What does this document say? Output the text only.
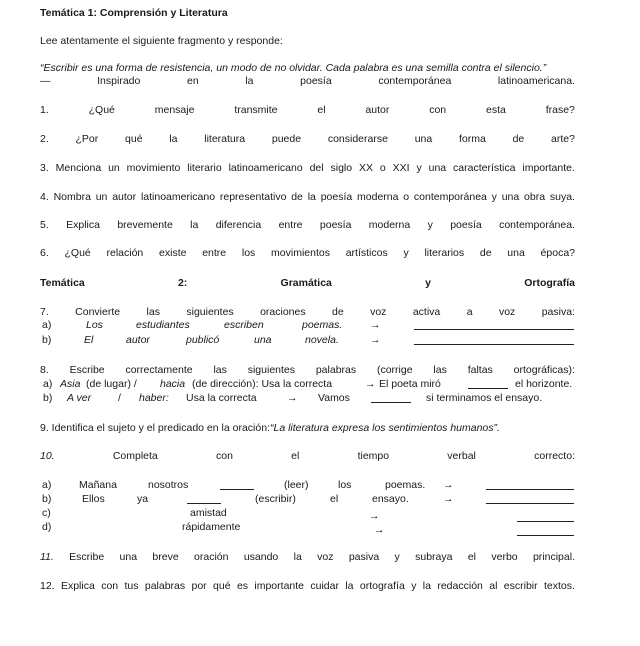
Temática 1: Comprensión y Literatura
Lee atentamente el siguiente fragmento y responde:
“Escribir es una forma de resistencia, un modo de no olvidar. Cada palabra es una semilla contra el silencio.”
—	Inspirado	en	la	poesía	contemporánea	latinoamericana.
1.	¿Qué	mensaje	transmite	el	autor	con	esta	frase?
2.	¿Por	qué	la	literatura	puede	considerarse	una	forma	de	arte?
3. Menciona un movimiento literario latinoamericano del siglo XX o XXI y una característica importante.
4. Nombra un autor latinoamericano representativo de la poesía moderna o contemporánea y una obra suya.
5. Explica brevemente la diferencia entre poesía moderna y poesía contemporánea.
6. ¿Qué relación existe entre los movimientos artísticos y literarios de una época?
Temática	2:	Gramática	y	Ortografía
7.	Convierte	las	siguientes	oraciones	de	voz	activa	a	voz	pasiva:
a)	Los	estudiantes	escriben	poemas.	→
b)	El	autor	publicó	una	novela.	→
8. Escribe correctamente las siguientes palabras (corrige las faltas ortográficas):
a) Asia (de lugar) / hacia (de dirección): Usa la correcta	→ El poeta miró	el horizonte.
b) A ver	/ haber: Usa la correcta	→ Vamos	si terminamos el ensayo.
9. Identifica el sujeto y el predicado en la oración: “La literatura expresa los sentimientos humanos”.
10.	Completa	con	el	tiempo	verbal	correcto:
a)	Mañana	nosotros	(leer)	los	poemas. →
b)	Ellos	ya	(escribir)	el	ensayo.	→
c)	amistad	→
d)	rápidamente	→
11. Escribe una breve oración usando la voz pasiva y subraya el verbo principal.
12. Explica con tus palabras por qué es importante cuidar la ortografía y la redacción al escribir textos.
